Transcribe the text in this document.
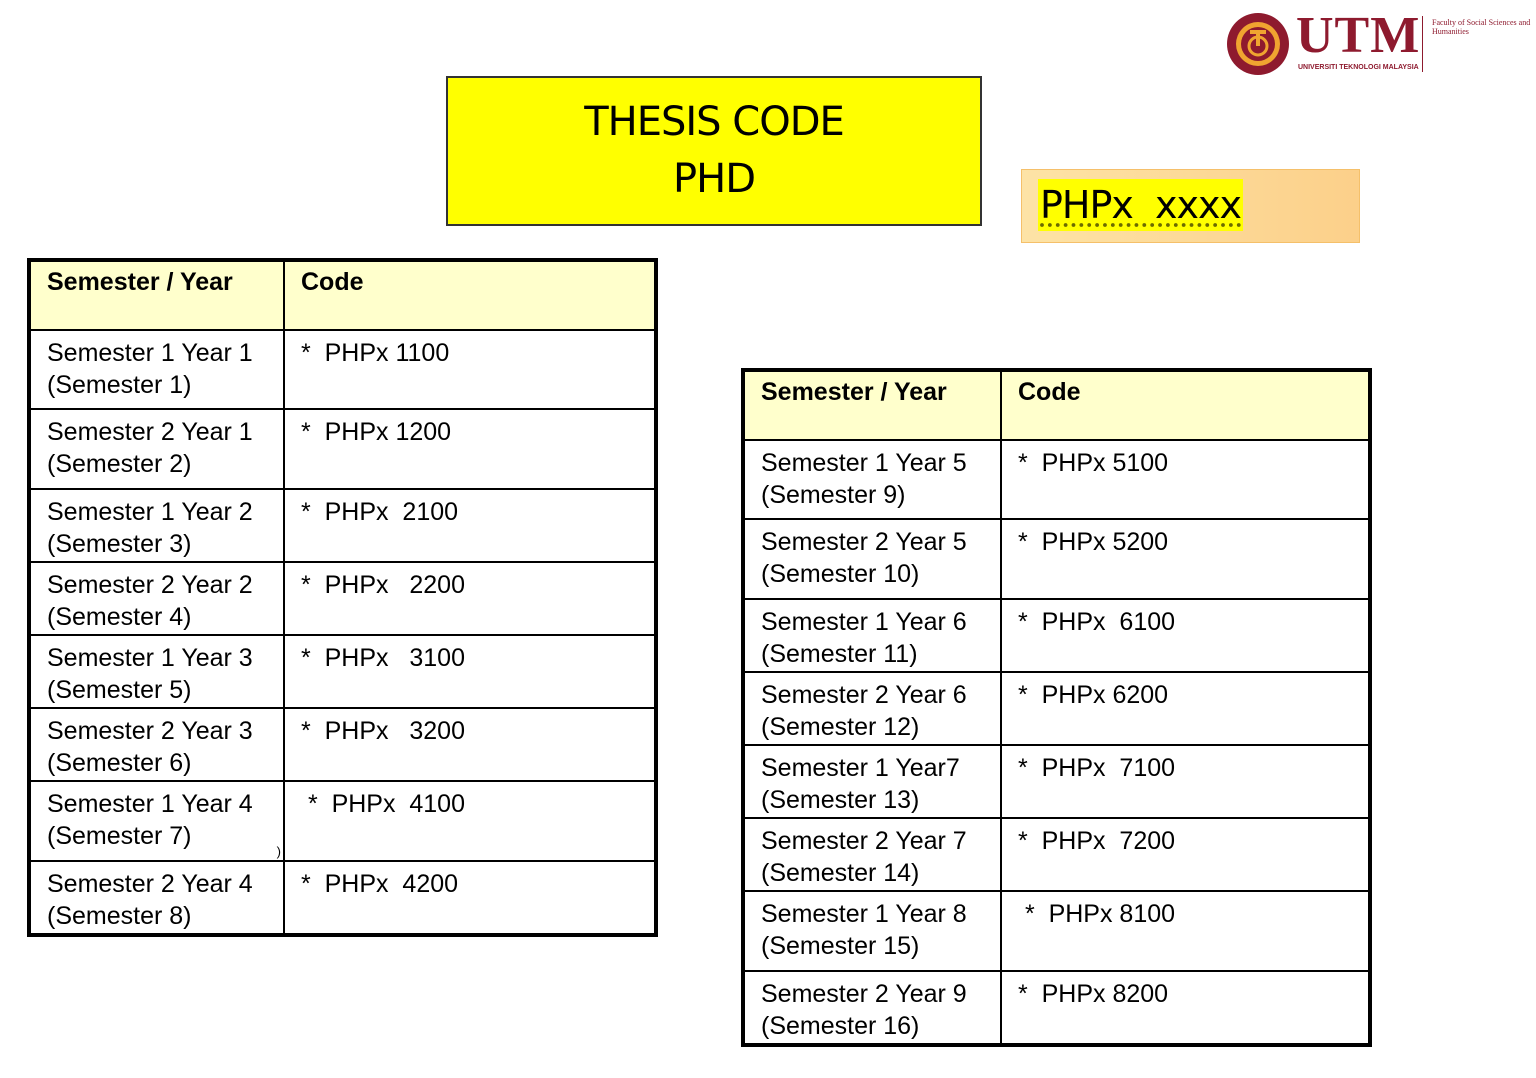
UTM
UNIVERSITI TEKNOLOGI MALAYSIA
Faculty of Social Sciences and Humanities
THESIS CODE
PHD
PHPx  xxxx
Semester / Year	Code

Semester 1 Year 1
(Semester 1)	*  PHPx 1100

Semester 2 Year 1
(Semester 2)	*  PHPx 1200

Semester 1 Year 2
(Semester 3)	*  PHPx  2100

Semester 2 Year 2
(Semester 4)	*  PHPx   2200

Semester 1 Year 3
(Semester 5)	*  PHPx   3100

Semester 2 Year 3
(Semester 6)	*  PHPx   3200

Semester 1 Year 4
(Semester 7)
)	*  PHPx  4100

Semester 2 Year 4
(Semester 8)	*  PHPx  4200
Semester / Year	Code

Semester 1 Year 5
(Semester 9)	*  PHPx 5100

Semester 2 Year 5
(Semester 10)	*  PHPx 5200

Semester 1 Year 6
(Semester 11)	*  PHPx  6100

Semester 2 Year 6
(Semester 12)	*  PHPx 6200

Semester 1 Year7
(Semester 13)	*  PHPx  7100

Semester 2 Year 7
(Semester 14)	*  PHPx  7200

Semester 1 Year 8
(Semester 15)	*  PHPx 8100

Semester 2 Year 9
(Semester 16)	*  PHPx 8200
